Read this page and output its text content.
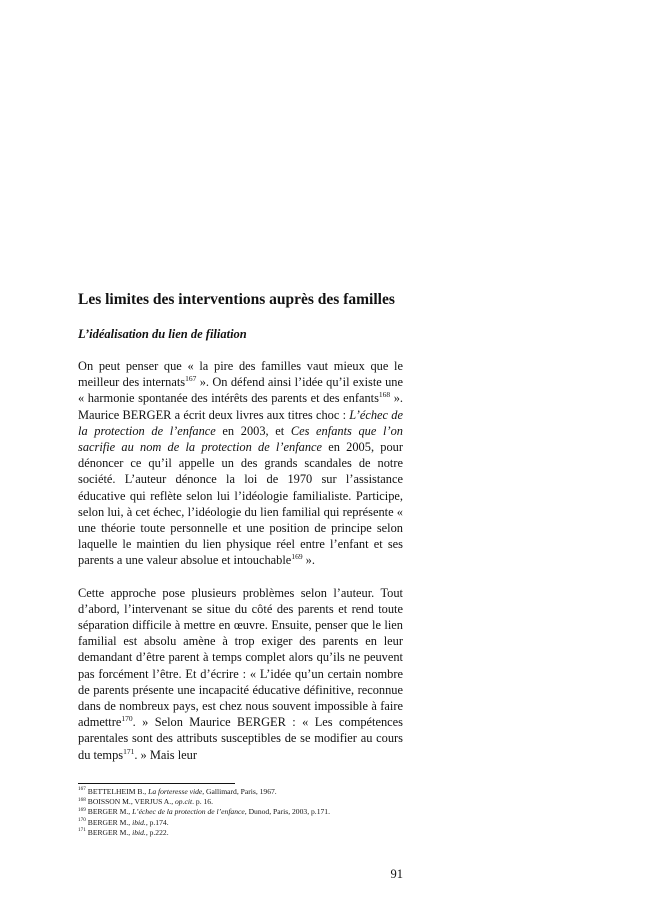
Les limites des interventions auprès des familles
L’idéalisation du lien de filiation

On peut penser que « la pire des familles vaut mieux que le meilleur des internats$^{167}$ ». On défend ainsi l’idée qu’il existe une « harmonie spontanée des intérêts des parents et des enfants$^{168}$ ». Maurice BERGER a écrit deux livres aux titres choc : L’échec de la protection de l’enfance en 2003, et Ces enfants que l’on sacrifie au nom de la protection de l’enfance en 2005, pour dénoncer ce qu’il appelle un des grands scandales de notre société. L’auteur dénonce la loi de 1970 sur l’assistance éducative qui reflète selon lui l’idéologie familialiste. Participe, selon lui, à cet échec, l’idéologie du lien familial qui représente « une théorie toute personnelle et une position de principe selon laquelle le maintien du lien physique réel entre l’enfant et ses parents a une valeur absolue et intouchable$^{169}$ ».

Cette approche pose plusieurs problèmes selon l’auteur. Tout d’abord, l’intervenant se situe du côté des parents et rend toute séparation difficile à mettre en œuvre. Ensuite, penser que le lien familial est absolu amène à trop exiger des parents en leur demandant d’être parent à temps complet alors qu’ils ne peuvent pas forcément l’être. Et d’écrire : « L’idée qu’un certain nombre de parents présente une incapacité éducative définitive, reconnue dans de nombreux pays, est chez nous souvent impossible à faire admettre$^{170}$. » Selon Maurice BERGER : « Les compétences parentales sont des attributs susceptibles de se modifier au cours du temps$^{171}$. » Mais leur

$^{167}$ BETTELHEIM B., La forteresse vide, Gallimard, Paris, 1967.
$^{168}$ BOISSON M., VERJUS A., op.cit. p. 16.
$^{169}$ BERGER M., L’échec de la protection de l’enfance, Dunod, Paris, 2003, p.171.
$^{170}$ BERGER M., ibid., p.174.
$^{171}$ BERGER M., ibid., p.222.
91
